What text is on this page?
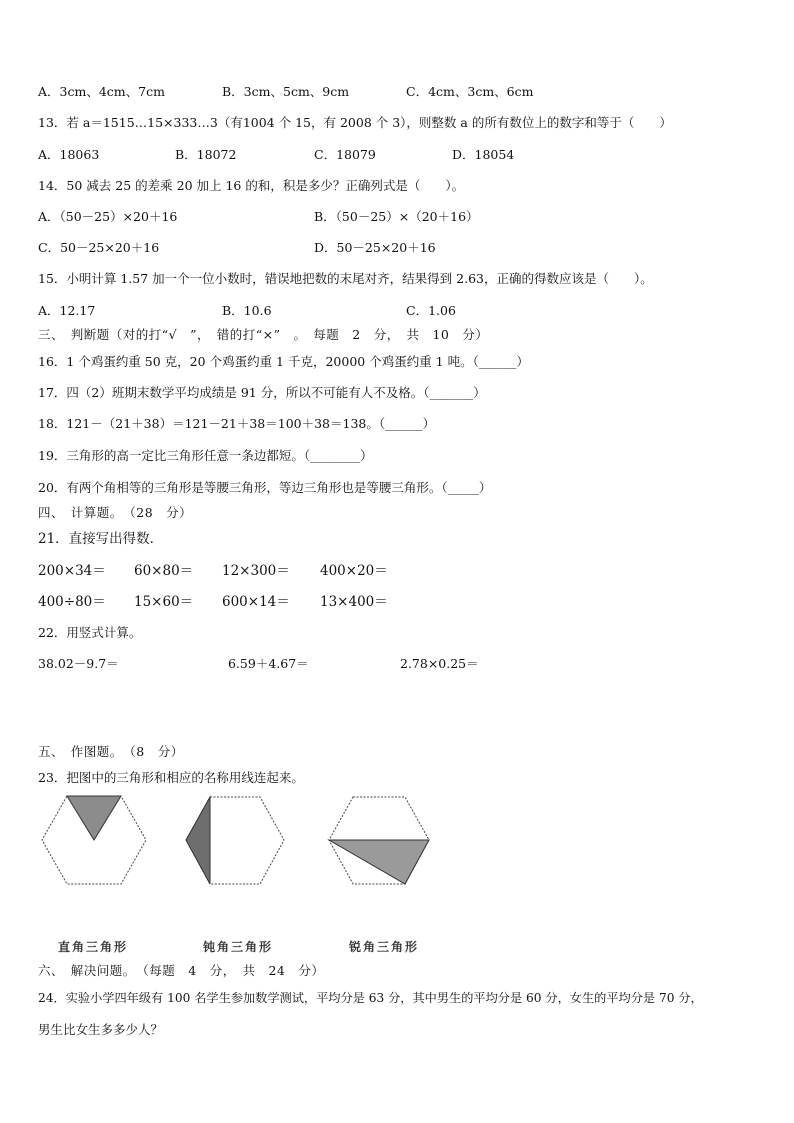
A．3cm、4cm、7cm	B．3cm、5cm、9cm	C．4cm、3cm、6cm
13．若 a＝1515…15×333…3（有1004 个 15，有 2008 个 3），则整数 a 的所有数位上的数字和等于（　　）
A．18063	B．18072	C．18079	D．18054
14．50 减去 25 的差乘 20 加上 16 的和，积是多少？正确列式是（　　）。
A．（50－25）×20＋16	B．（50－25）×（20＋16）
C．50－25×20＋16	D．50－25×20＋16
15．小明计算 1.57 加一个一位小数时，错误地把数的末尾对齐，结果得到 2.63，正确的得数应该是（　　）。
A．12.17	B．10.6	C．1.06
三、　判断题（对的打“√　”，　错的打“×”　。　每题　2　分，　共　10　分）
16．1 个鸡蛋约重 50 克，20 个鸡蛋约重 1 千克，20000 个鸡蛋约重 1 吨。（______）
17．四（2）班期末数学平均成绩是 91 分，所以不可能有人不及格。（_______）
18．121－（21＋38）＝121－21＋38＝100＋38＝138。（______）
19．三角形的高一定比三角形任意一条边都短。（________）
20．有两个角相等的三角形是等腰三角形，等边三角形也是等腰三角形。（_____）
四、　计算题。　（28　分）
21．直接写出得数．
200×34＝ 60×80＝ 12×300＝ 400×20＝
400÷80＝ 15×60＝ 600×14＝ 13×400＝
22．用竖式计算。
38.02－9.7＝	6.59＋4.67＝	2.78×0.25＝
五、　作图题。　（8　分）
23．把图中的三角形和相应的名称用线连起来。
直角三角形	钝角三角形	锐角三角形
六、　解决问题。　（每题　4　分，　共　24　分）
24．实验小学四年级有 100 名学生参加数学测试，平均分是 63 分，其中男生的平均分是 60 分，女生的平均分是 70 分，
男生比女生多多少人？
